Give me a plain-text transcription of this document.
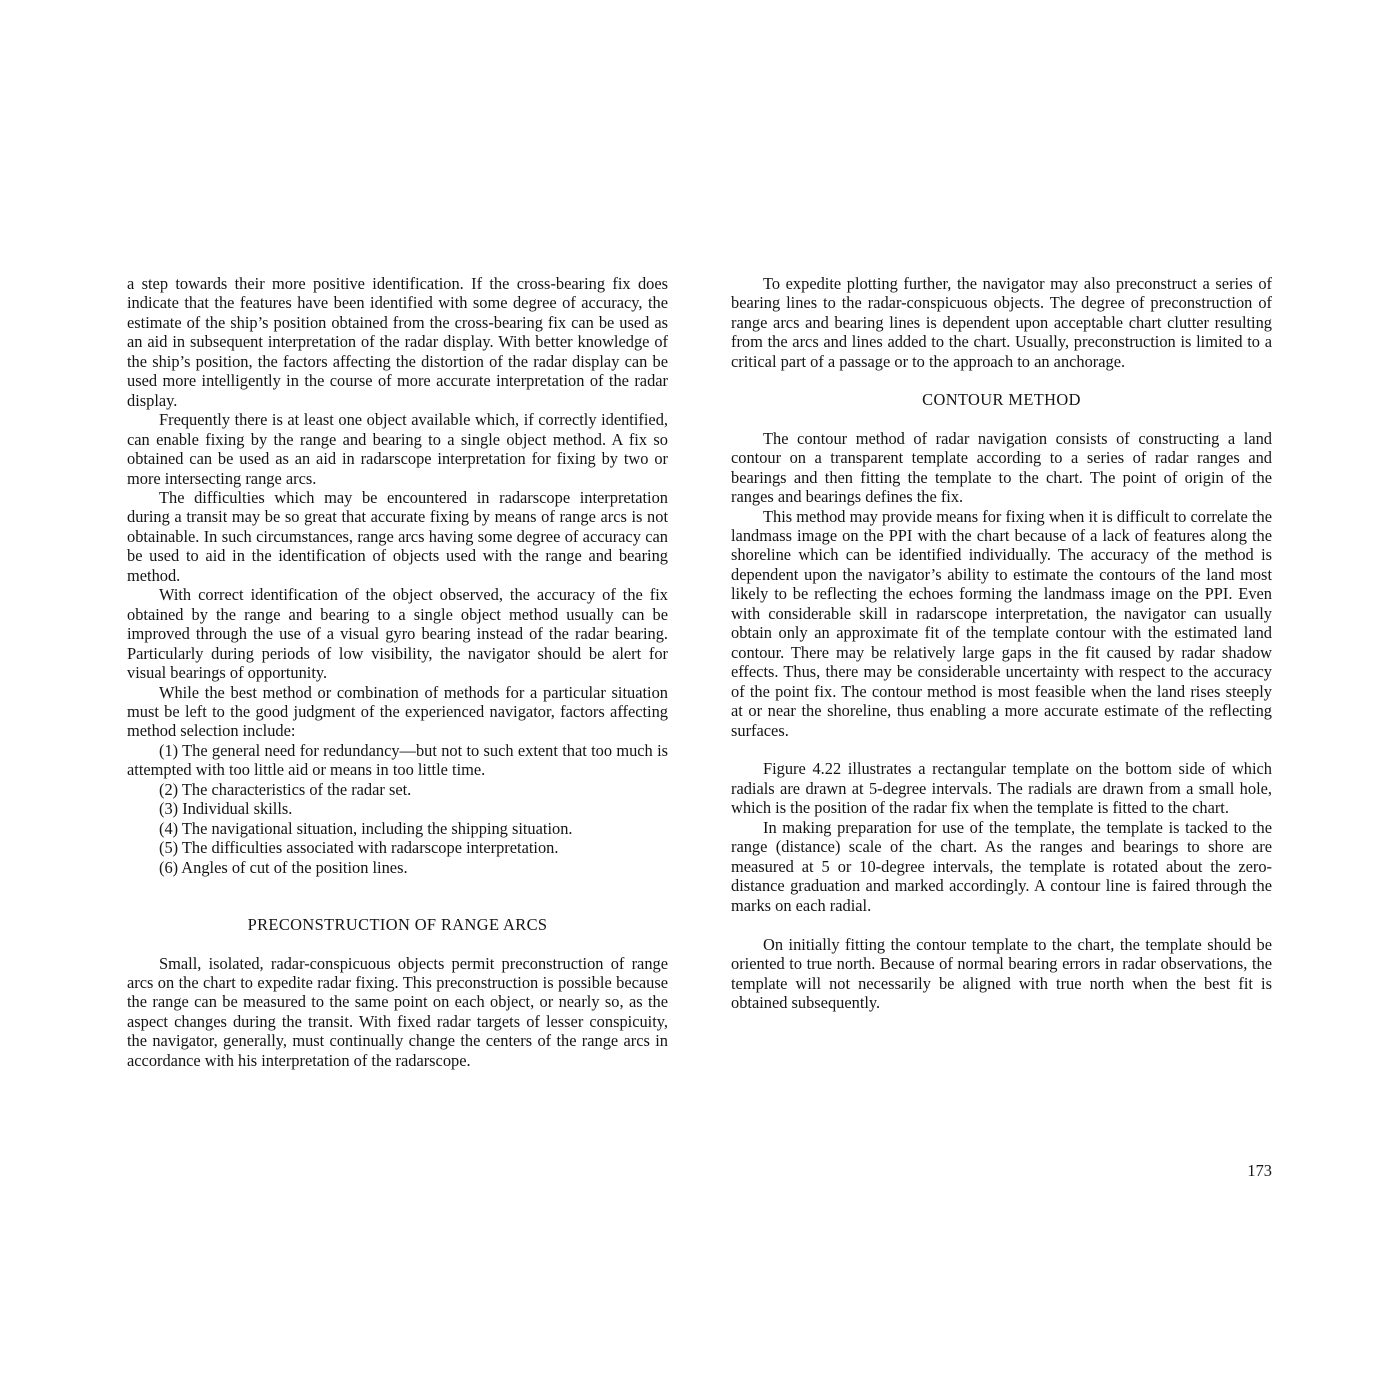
a step towards their more positive identification. If the cross-bearing fix does indicate that the features have been identified with some degree of accuracy, the estimate of the ship’s position obtained from the cross-bearing fix can be used as an aid in subsequent interpretation of the radar display. With better knowledge of the ship’s position, the factors affecting the distortion of the radar display can be used more intelligently in the course of more accurate interpretation of the radar display.

Frequently there is at least one object available which, if correctly identified, can enable fixing by the range and bearing to a single object method. A fix so obtained can be used as an aid in radarscope interpretation for fixing by two or more intersecting range arcs.

The difficulties which may be encountered in radarscope interpretation during a transit may be so great that accurate fixing by means of range arcs is not obtainable. In such circumstances, range arcs having some degree of accuracy can be used to aid in the identification of objects used with the range and bearing method.

With correct identification of the object observed, the accuracy of the fix obtained by the range and bearing to a single object method usually can be improved through the use of a visual gyro bearing instead of the radar bearing. Particularly during periods of low visibility, the navigator should be alert for visual bearings of opportunity.

While the best method or combination of methods for a particular situation must be left to the good judgment of the experienced navigator, factors affecting method selection include:

(1) The general need for redundancy—but not to such extent that too much is attempted with too little aid or means in too little time.

(2) The characteristics of the radar set.

(3) Individual skills.

(4) The navigational situation, including the shipping situation.

(5) The difficulties associated with radarscope interpretation.

(6) Angles of cut of the position lines.

PRECONSTRUCTION OF RANGE ARCS

Small, isolated, radar-conspicuous objects permit preconstruction of range arcs on the chart to expedite radar fixing. This preconstruction is possible because the range can be measured to the same point on each object, or nearly so, as the aspect changes during the transit. With fixed radar targets of lesser conspicuity, the navigator, generally, must continually change the centers of the range arcs in accordance with his interpretation of the radarscope.

To expedite plotting further, the navigator may also preconstruct a series of bearing lines to the radar-conspicuous objects. The degree of preconstruction of range arcs and bearing lines is dependent upon acceptable chart clutter resulting from the arcs and lines added to the chart. Usually, preconstruction is limited to a critical part of a passage or to the approach to an anchorage.

CONTOUR METHOD

The contour method of radar navigation consists of constructing a land contour on a transparent template according to a series of radar ranges and bearings and then fitting the template to the chart. The point of origin of the ranges and bearings defines the fix.

This method may provide means for fixing when it is difficult to correlate the landmass image on the PPI with the chart because of a lack of features along the shoreline which can be identified individually. The accuracy of the method is dependent upon the navigator’s ability to estimate the contours of the land most likely to be reflecting the echoes forming the landmass image on the PPI. Even with considerable skill in radarscope interpretation, the navigator can usually obtain only an approximate fit of the template contour with the estimated land contour. There may be relatively large gaps in the fit caused by radar shadow effects. Thus, there may be considerable uncertainty with respect to the accuracy of the point fix. The contour method is most feasible when the land rises steeply at or near the shoreline, thus enabling a more accurate estimate of the reflecting surfaces.

Figure 4.22 illustrates a rectangular template on the bottom side of which radials are drawn at 5-degree intervals. The radials are drawn from a small hole, which is the position of the radar fix when the template is fitted to the chart.

In making preparation for use of the template, the template is tacked to the range (distance) scale of the chart. As the ranges and bearings to shore are measured at 5 or 10-degree intervals, the template is rotated about the zero-distance graduation and marked accordingly. A contour line is faired through the marks on each radial.

On initially fitting the contour template to the chart, the template should be oriented to true north. Because of normal bearing errors in radar observations, the template will not necessarily be aligned with true north when the best fit is obtained subsequently.

173
